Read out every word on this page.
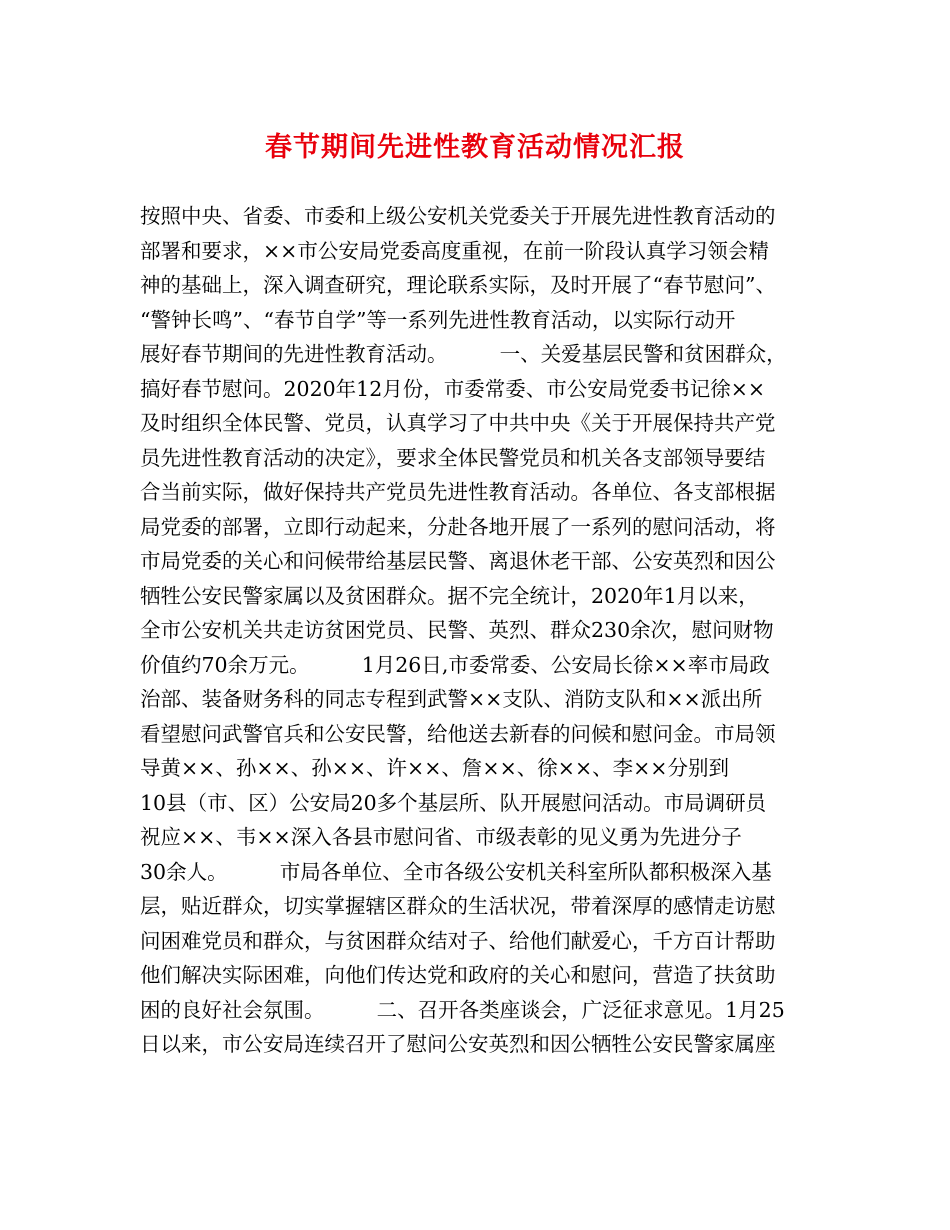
春节期间先进性教育活动情况汇报
按照中央、省委、市委和上级公安机关党委关于开展先进性教育活动的
部署和要求，××市公安局党委高度重视，在前一阶段认真学习领会精
神的基础上，深入调查研究，理论联系实际，及时开展了“春节慰问”、
“警钟长鸣”、“春节自学”等一系列先进性教育活动，以实际行动开
展好春节期间的先进性教育活动。        一、关爱基层民警和贫困群众，
搞好春节慰问。2020年12月份，市委常委、市公安局党委书记徐××
及时组织全体民警、党员，认真学习了中共中央《关于开展保持共产党
员先进性教育活动的决定》，要求全体民警党员和机关各支部领导要结
合当前实际，做好保持共产党员先进性教育活动。各单位、各支部根据
局党委的部署，立即行动起来，分赴各地开展了一系列的慰问活动，将
市局党委的关心和问候带给基层民警、离退休老干部、公安英烈和因公
牺牲公安民警家属以及贫困群众。据不完全统计，2020年1月以来，
全市公安机关共走访贫困党员、民警、英烈、群众230余次，慰问财物
价值约70余万元。        1月26日,市委常委、公安局长徐××率市局政
治部、装备财务科的同志专程到武警××支队、消防支队和××派出所
看望慰问武警官兵和公安民警，给他送去新春的问候和慰问金。市局领
导黄××、孙××、孙××、许××、詹××、徐××、李××分别到
10县（市、区）公安局20多个基层所、队开展慰问活动。市局调研员
祝应××、韦××深入各县市慰问省、市级表彰的见义勇为先进分子
30余人。        市局各单位、全市各级公安机关科室所队都积极深入基
层，贴近群众，切实掌握辖区群众的生活状况，带着深厚的感情走访慰
问困难党员和群众，与贫困群众结对子、给他们献爱心，千方百计帮助
他们解决实际困难，向他们传达党和政府的关心和慰问，营造了扶贫助
困的良好社会氛围。        二、召开各类座谈会，广泛征求意见。1月25
日以来，市公安局连续召开了慰问公安英烈和因公牺牲公安民警家属座
